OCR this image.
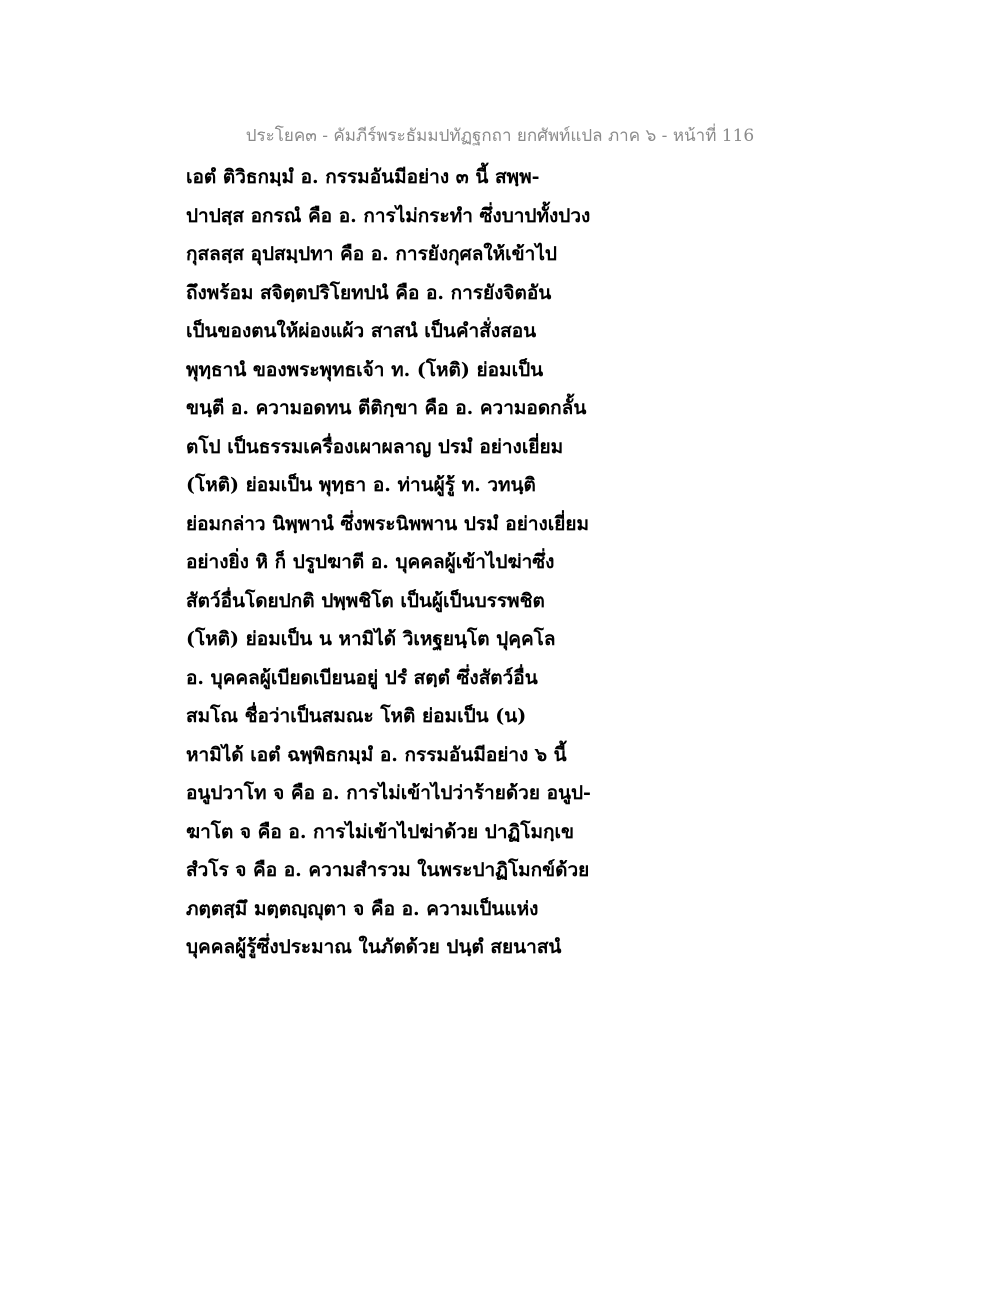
ประโยค๓ - คัมภีร์พระธัมมปทัฏฐกถา ยกศัพท์แปล ภาค ๖ - หน้าที่ 116
เอตํ ติวิธกมฺมํ อ. กรรมอันมีอย่าง ๓ นี้ สพฺพ-
ปาปสฺส อกรณํ คือ อ. การไม่กระทำ ซึ่งบาปทั้งปวง
กุสลสฺส อุปสมฺปทา คือ อ. การยังกุศลให้เข้าไป
ถึงพร้อม สจิตฺตปริโยทปนํ คือ อ. การยังจิตอัน
เป็นของตนให้ผ่องแผ้ว สาสนํ เป็นคำสั่งสอน
พุทฺธานํ ของพระพุทธเจ้า ท. (โหติ) ย่อมเป็น
ขนฺตี อ. ความอดทน ตีติกฺขา คือ อ. ความอดกลั้น
ตโป เป็นธรรมเครื่องเผาผลาญ ปรมํ อย่างเยี่ยม
(โหติ) ย่อมเป็น พุทฺธา อ. ท่านผู้รู้ ท. วทนฺติ
ย่อมกล่าว นิพฺพานํ ซึ่งพระนิพพาน ปรมํ อย่างเยี่ยม
อย่างยิ่ง หิ ก็ ปรูปฆาตี อ. บุคคลผู้เข้าไปฆ่าซึ่ง
สัตว์อื่นโดยปกติ ปพฺพชิโต เป็นผู้เป็นบรรพชิต
(โหติ) ย่อมเป็น น หามิได้ วิเหฐยนฺโต ปุคฺคโล
อ. บุคคลผู้เบียดเบียนอยู่ ปรํ สตฺตํ ซึ่งสัตว์อื่น
สมโณ ชื่อว่าเป็นสมณะ โหติ ย่อมเป็น (น)
หามิได้ เอตํ ฉพฺพิธกมฺมํ อ. กรรมอันมีอย่าง ๖ นี้
อนูปวาโท จ คือ อ. การไม่เข้าไปว่าร้ายด้วย อนูป-
ฆาโต จ คือ อ. การไม่เข้าไปฆ่าด้วย ปาฏิโมกฺเข
สํวโร จ คือ อ. ความสำรวม ในพระปาฏิโมกข์ด้วย
ภตฺตสฺมึ มตฺตญฺญุตา จ คือ อ. ความเป็นแห่ง
บุคคลผู้รู้ซึ่งประมาณ ในภัตด้วย ปนฺตํ สยนาสนํ
